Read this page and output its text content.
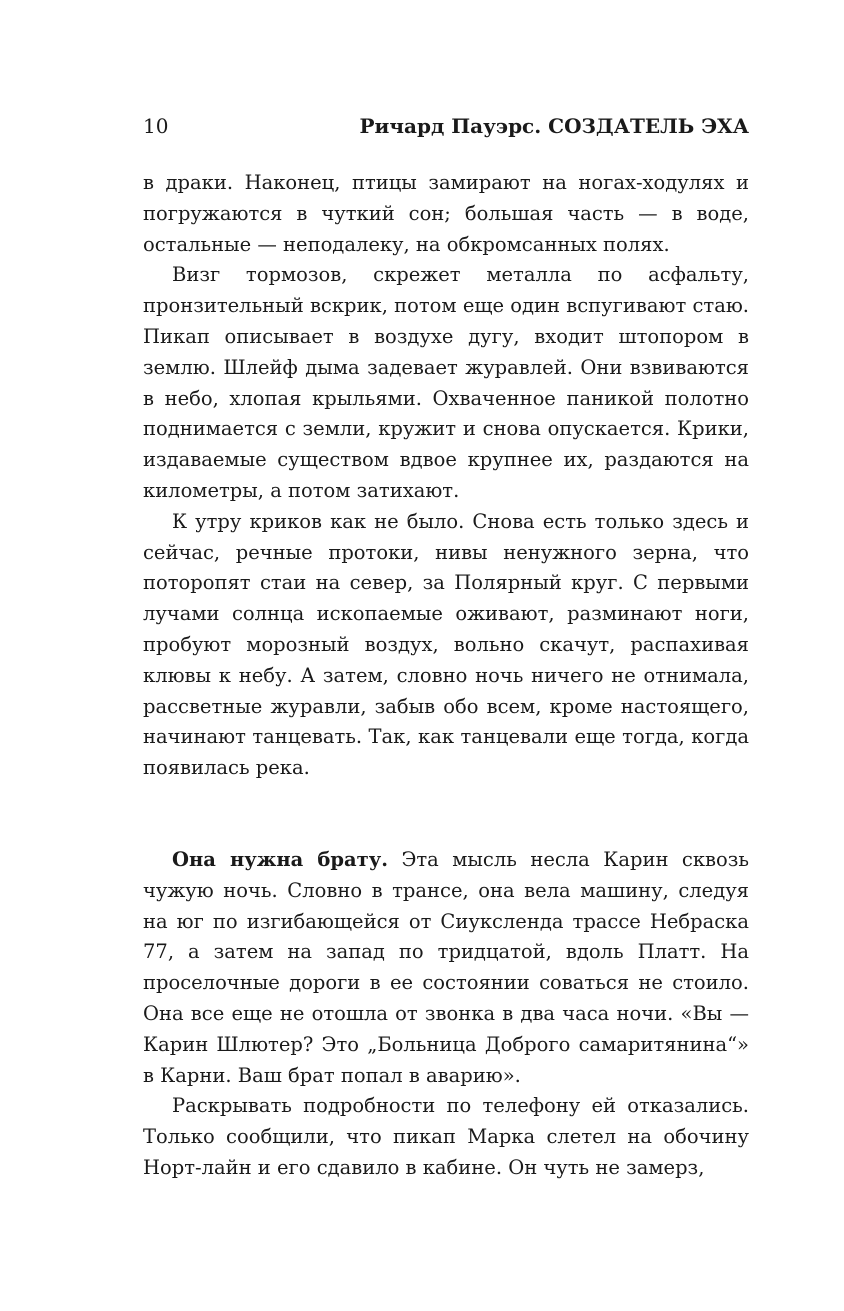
10	Ричард Пауэрс. СОЗДАТЕЛЬ ЭХА

в драки. Наконец, птицы замирают на ногах-ходулях и погружаются в чуткий сон; большая часть — в воде, остальные — неподалеку, на обкромсанных полях.

Визг тормозов, скрежет металла по асфальту, пронзительный вскрик, потом еще один вспугивают стаю. Пикап описывает в воздухе дугу, входит штопором в землю. Шлейф дыма задевает журавлей. Они взвиваются в небо, хлопая крыльями. Охваченное паникой полотно поднимается с земли, кружит и снова опускается. Крики, издаваемые существом вдвое крупнее их, раздаются на километры, а потом затихают.

К утру криков как не было. Снова есть только здесь и сейчас, речные протоки, нивы ненужного зерна, что поторопят стаи на север, за Полярный круг. С первыми лучами солнца ископаемые оживают, разминают ноги, пробуют морозный воздух, вольно скачут, распахивая клювы к небу. А затем, словно ночь ничего не отнимала, рассветные журавли, забыв обо всем, кроме настоящего, начинают танцевать. Так, как танцевали еще тогда, когда появилась река.

Она нужна брату. Эта мысль несла Карин сквозь чужую ночь. Словно в трансе, она вела машину, следуя на юг по изгибающейся от Сиукслендa трассе Небраска 77, а затем на запад по тридцатой, вдоль Платт. На проселочные дороги в ее состоянии соваться не стоило. Она все еще не отошла от звонка в два часа ночи. «Вы — Карин Шлютер? Это „Больница Доброго самаритянина“» в Карни. Ваш брат попал в аварию».

Раскрывать подробности по телефону ей отказались. Только сообщили, что пикап Марка слетел на обочину Норт-лайн и его сдавило в кабине. Он чуть не замерз,
